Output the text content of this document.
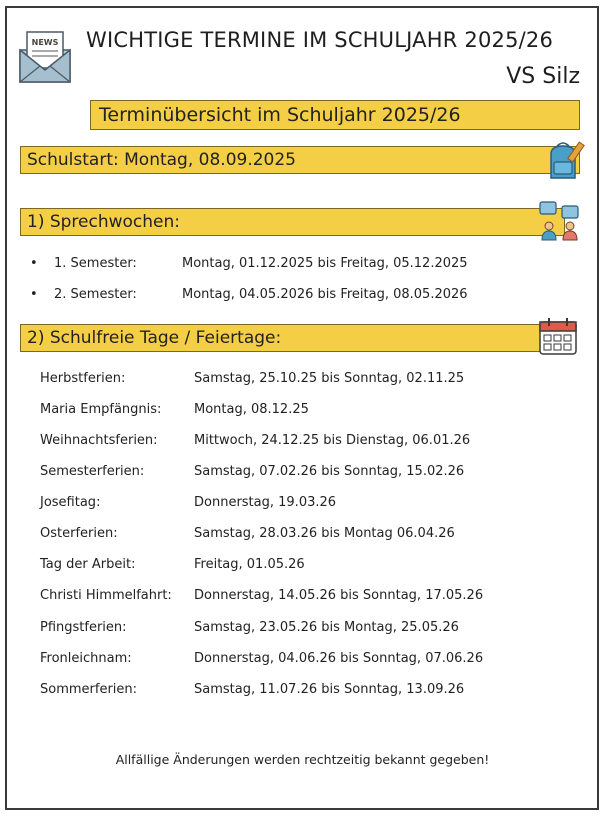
NEWS WICHTIGE TERMINE IM SCHULJAHR 2025/26
VS Silz
Terminübersicht im Schuljahr 2025/26
Schulstart: Montag, 08.09.2025
1) Sprechwochen:
• 1. Semester:	Montag, 01.12.2025 bis Freitag, 05.12.2025
• 2. Semester:	Montag, 04.05.2026 bis Freitag, 08.05.2026
2) Schulfreie Tage / Feiertage:
Herbstferien:	Samstag, 25.10.25 bis Sonntag, 02.11.25
Maria Empfängnis:	Montag, 08.12.25
Weihnachtsferien:	Mittwoch, 24.12.25 bis Dienstag, 06.01.26
Semesterferien:	Samstag, 07.02.26 bis Sonntag, 15.02.26
Josefitag:	Donnerstag, 19.03.26
Osterferien:	Samstag, 28.03.26 bis Montag 06.04.26
Tag der Arbeit:	Freitag, 01.05.26
Christi Himmelfahrt: Donnerstag, 14.05.26 bis Sonntag, 17.05.26
Pfingstferien:	Samstag, 23.05.26 bis Montag, 25.05.26
Fronleichnam:	Donnerstag, 04.06.26 bis Sonntag, 07.06.26
Sommerferien:	Samstag, 11.07.26 bis Sonntag, 13.09.26
Allfällige Änderungen werden rechtzeitig bekannt gegeben!
